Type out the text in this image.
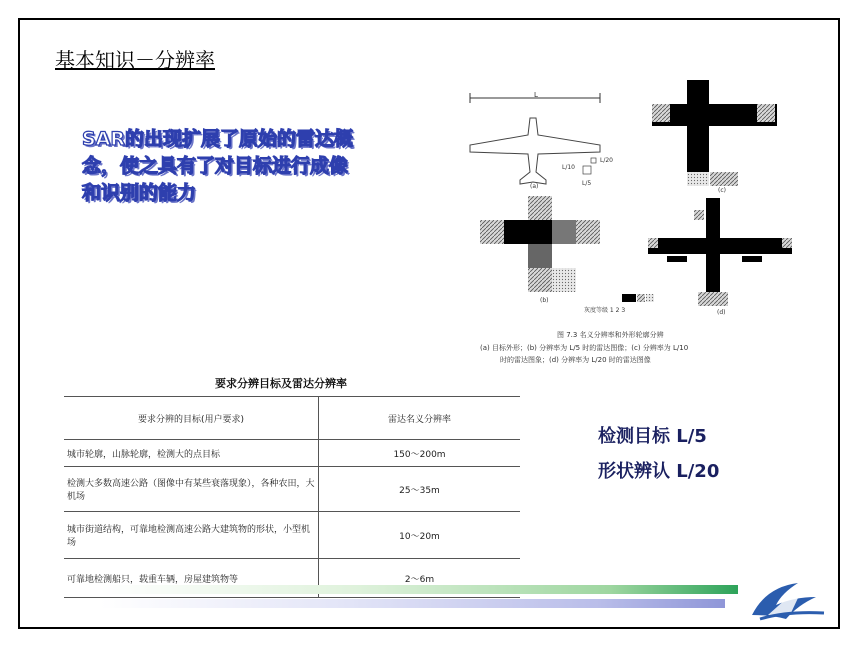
基本知识－分辨率
SAR的出现扩展了原始的雷达概
念，使之具有了对目标进行成像
和识别的能力
L
L/10
L/20
L/5
(a)
(c)
(b)
(d)
灰度等级 1 2 3
图 7.3 名义分辨率和外形轮廓分辨
(a) 目标外形；(b) 分辨率为 L/5 时的雷达图像；(c) 分辨率为 L/10
时的雷达图象；(d) 分辨率为 L/20 时的雷达图像
要求分辨目标及雷达分辨率
要求分辨的目标(用户要求)	雷达名义分辨率
城市轮廓，山脉轮廓，检测大的点目标	150～200m
检测大多数高速公路（图像中有某些衰落现象），各种农田，大机场	25～35m
城市街道结构，可靠地检测高速公路大建筑物的形状，小型机场	10～20m
可靠地检测船只，载重车辆，房屋建筑物等	2～6m
检测目标 L/5
形状辨认 L/20
